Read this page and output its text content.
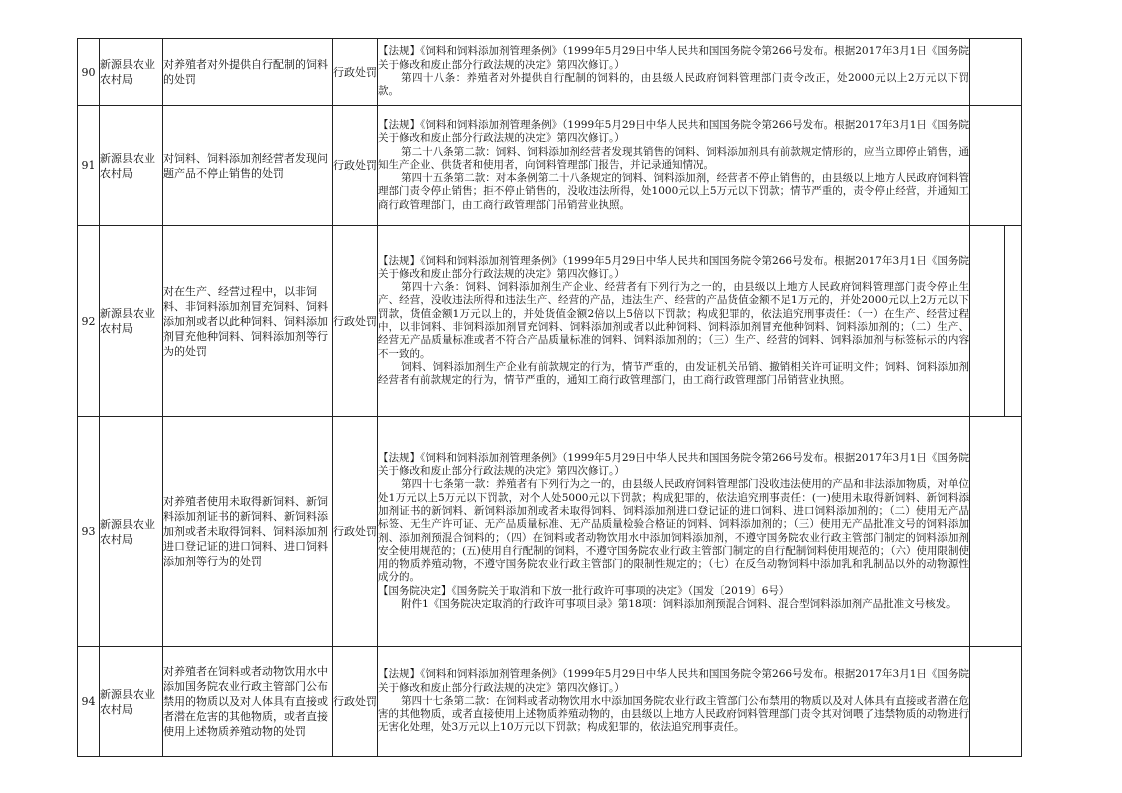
90	新源县农业农村局	对养殖者对外提供自行配制的饲料的处罚	行政处罚	

【法规】《饲料和饲料添加剂管理条例》（1999年5月29日中华人民共和国国务院令第266号发布。根据2017年3月1日《国务院关于修改和废止部分行政法规的决定》第四次修订。）

第四十八条：养殖者对外提供自行配制的饲料的，由县级人民政府饲料管理部门责令改正，处2000元以上2万元以下罚款。

91	新源县农业农村局	对饲料、饲料添加剂经营者发现问题产品不停止销售的处罚	行政处罚	

【法规】《饲料和饲料添加剂管理条例》（1999年5月29日中华人民共和国国务院令第266号发布。根据2017年3月1日《国务院关于修改和废止部分行政法规的决定》第四次修订。）

第二十八条第二款：饲料、饲料添加剂经营者发现其销售的饲料、饲料添加剂具有前款规定情形的，应当立即停止销售，通知生产企业、供货者和使用者，向饲料管理部门报告，并记录通知情况。

第四十五条第二款：对本条例第二十八条规定的饲料、饲料添加剂，经营者不停止销售的，由县级以上地方人民政府饲料管理部门责令停止销售；拒不停止销售的，没收违法所得，处1000元以上5万元以下罚款；情节严重的，责令停止经营，并通知工商行政管理部门，由工商行政管理部门吊销营业执照。

92	新源县农业农村局	对在生产、经营过程中，以非饲料、非饲料添加剂冒充饲料、饲料添加剂或者以此种饲料、饲料添加剂冒充他种饲料、饲料添加剂等行为的处罚	行政处罚	

【法规】《饲料和饲料添加剂管理条例》（1999年5月29日中华人民共和国国务院令第266号发布。根据2017年3月1日《国务院关于修改和废止部分行政法规的决定》第四次修订。）

第四十六条：饲料、饲料添加剂生产企业、经营者有下列行为之一的，由县级以上地方人民政府饲料管理部门责令停止生产、经营，没收违法所得和违法生产、经营的产品，违法生产、经营的产品货值金额不足1万元的，并处2000元以上2万元以下罚款，货值金额1万元以上的，并处货值金额2倍以上5倍以下罚款；构成犯罪的，依法追究刑事责任：（一）在生产、经营过程中，以非饲料、非饲料添加剂冒充饲料、饲料添加剂或者以此种饲料、饲料添加剂冒充他种饲料、饲料添加剂的；（二）生产、经营无产品质量标准或者不符合产品质量标准的饲料、饲料添加剂的；（三）生产、经营的饲料、饲料添加剂与标签标示的内容不一致的。

饲料、饲料添加剂生产企业有前款规定的行为，情节严重的，由发证机关吊销、撤销相关许可证明文件；饲料、饲料添加剂经营者有前款规定的行为，情节严重的，通知工商行政管理部门，由工商行政管理部门吊销营业执照。

93	新源县农业农村局	对养殖者使用未取得新饲料、新饲料添加剂证书的新饲料、新饲料添加剂或者未取得饲料、饲料添加剂进口登记证的进口饲料、进口饲料添加剂等行为的处罚	行政处罚	

【法规】《饲料和饲料添加剂管理条例》（1999年5月29日中华人民共和国国务院令第266号发布。根据2017年3月1日《国务院关于修改和废止部分行政法规的决定》第四次修订。）

第四十七条第一款：养殖者有下列行为之一的，由县级人民政府饲料管理部门没收违法使用的产品和非法添加物质，对单位处1万元以上5万元以下罚款，对个人处5000元以下罚款；构成犯罪的，依法追究刑事责任：(一)使用未取得新饲料、新饲料添加剂证书的新饲料、新饲料添加剂或者未取得饲料、饲料添加剂进口登记证的进口饲料、进口饲料添加剂的；（二）使用无产品标签、无生产许可证、无产品质量标准、无产品质量检验合格证的饲料、饲料添加剂的；（三）使用无产品批准文号的饲料添加剂、添加剂预混合饲料的；（四）在饲料或者动物饮用水中添加饲料添加剂，不遵守国务院农业行政主管部门制定的饲料添加剂安全使用规范的；(五)使用自行配制的饲料，不遵守国务院农业行政主管部门制定的自行配制饲料使用规范的；（六）使用限制使用的物质养殖动物，不遵守国务院农业行政主管部门的限制性规定的；（七）在反刍动物饲料中添加乳和乳制品以外的动物源性成分的。

【国务院决定】《国务院关于取消和下放一批行政许可事项的决定》（国发〔2019〕6号）

附件1《国务院决定取消的行政许可事项目录》第18项：饲料添加剂预混合饲料、混合型饲料添加剂产品批准文号核发。

94	新源县农业农村局	对养殖者在饲料或者动物饮用水中添加国务院农业行政主管部门公布禁用的物质以及对人体具有直接或者潜在危害的其他物质，或者直接使用上述物质养殖动物的处罚	行政处罚	

【法规】《饲料和饲料添加剂管理条例》（1999年5月29日中华人民共和国国务院令第266号发布。根据2017年3月1日《国务院关于修改和废止部分行政法规的决定》第四次修订。）

第四十七条第二款：在饲料或者动物饮用水中添加国务院农业行政主管部门公布禁用的物质以及对人体具有直接或者潜在危害的其他物质，或者直接使用上述物质养殖动物的，由县级以上地方人民政府饲料管理部门责令其对饲喂了违禁物质的动物进行无害化处理，处3万元以上10万元以下罚款；构成犯罪的，依法追究刑事责任。
